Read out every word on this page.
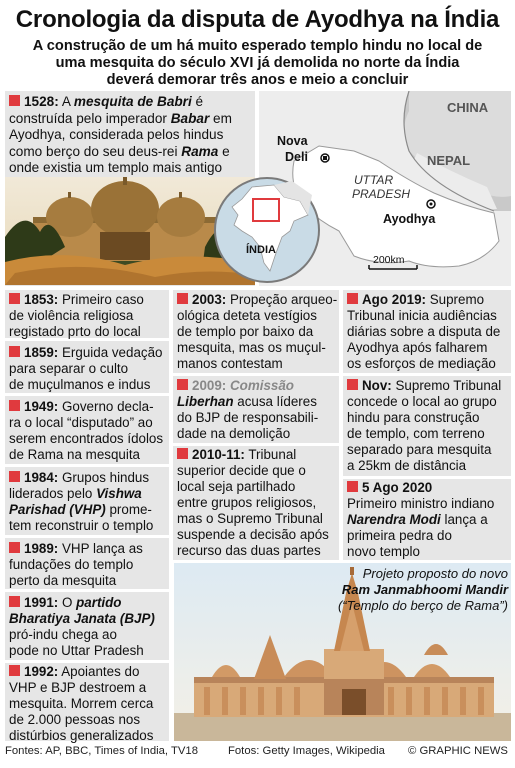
Cronologia da disputa de Ayodhya na Índia
A construção de um há muito esperado templo hindu no local de
uma mesquita do século XVI já demolida no norte da Índia
deverá demorar três anos e meio a concluir
1528: A mesquita de Babri é
construída pelo imperador Babar em
Ayodhya, considerada pelos hindus
como berço do seu deus-rei Rama e
onde existia um templo mais antigo
CHINA
NEPAL
Nova
Deli
UTTAR
PRADESH
Ayodhya
200km
ÍNDIA
1853: Primeiro caso
de violência religiosa
registado prto do local
1859: Erguida vedação
para separar o culto
de muçulmanos e indus
1949: Governo decla-
ra o local “disputado” ao
serem encontrados ídolos
de Rama na mesquita
1984: Grupos hindus
liderados pelo Vishwa
Parishad (VHP) prome-
tem reconstruir o templo
1989: VHP lança as
fundações do templo
perto da mesquita
1991: O partido
Bharatiya Janata (BJP)
pró-indu chega ao
pode no Uttar Pradesh
1992: Apoiantes do
VHP e BJP destroem a
mesquita. Morrem cerca
de 2.000 pessoas nos
distúrbios generalizados
2003: Propeção arqueo-
ológica deteta vestígios
de templo por baixo da
mesquita, mas os muçul-
manos contestam
2009: Comissão
Liberhan acusa líderes
do BJP de responsabili-
dade na demolição
2010-11: Tribunal
superior decide que o
local seja partilhado
entre grupos religiosos,
mas o Supremo Tribunal
suspende a decisão após
recurso das duas partes
Ago 2019: Supremo
Tribunal inicia audiências
diárias sobre a disputa de
Ayodhya após falharem
os esforços de mediação
Nov: Supremo Tribunal
concede o local ao grupo
hindu para construção
de templo, com terreno
separado para mesquita
a 25km de distância
5 Ago 2020
Primeiro ministro indiano
Narendra Modi lança a
primeira pedra do
novo templo
Projeto proposto do novo
Ram Janmabhoomi Mandir
(“Templo do berço de Rama”)
Fontes: AP, BBC, Times of India, TV18	Fotos: Getty Images, Wikipedia © GRAPHIC NEWS
